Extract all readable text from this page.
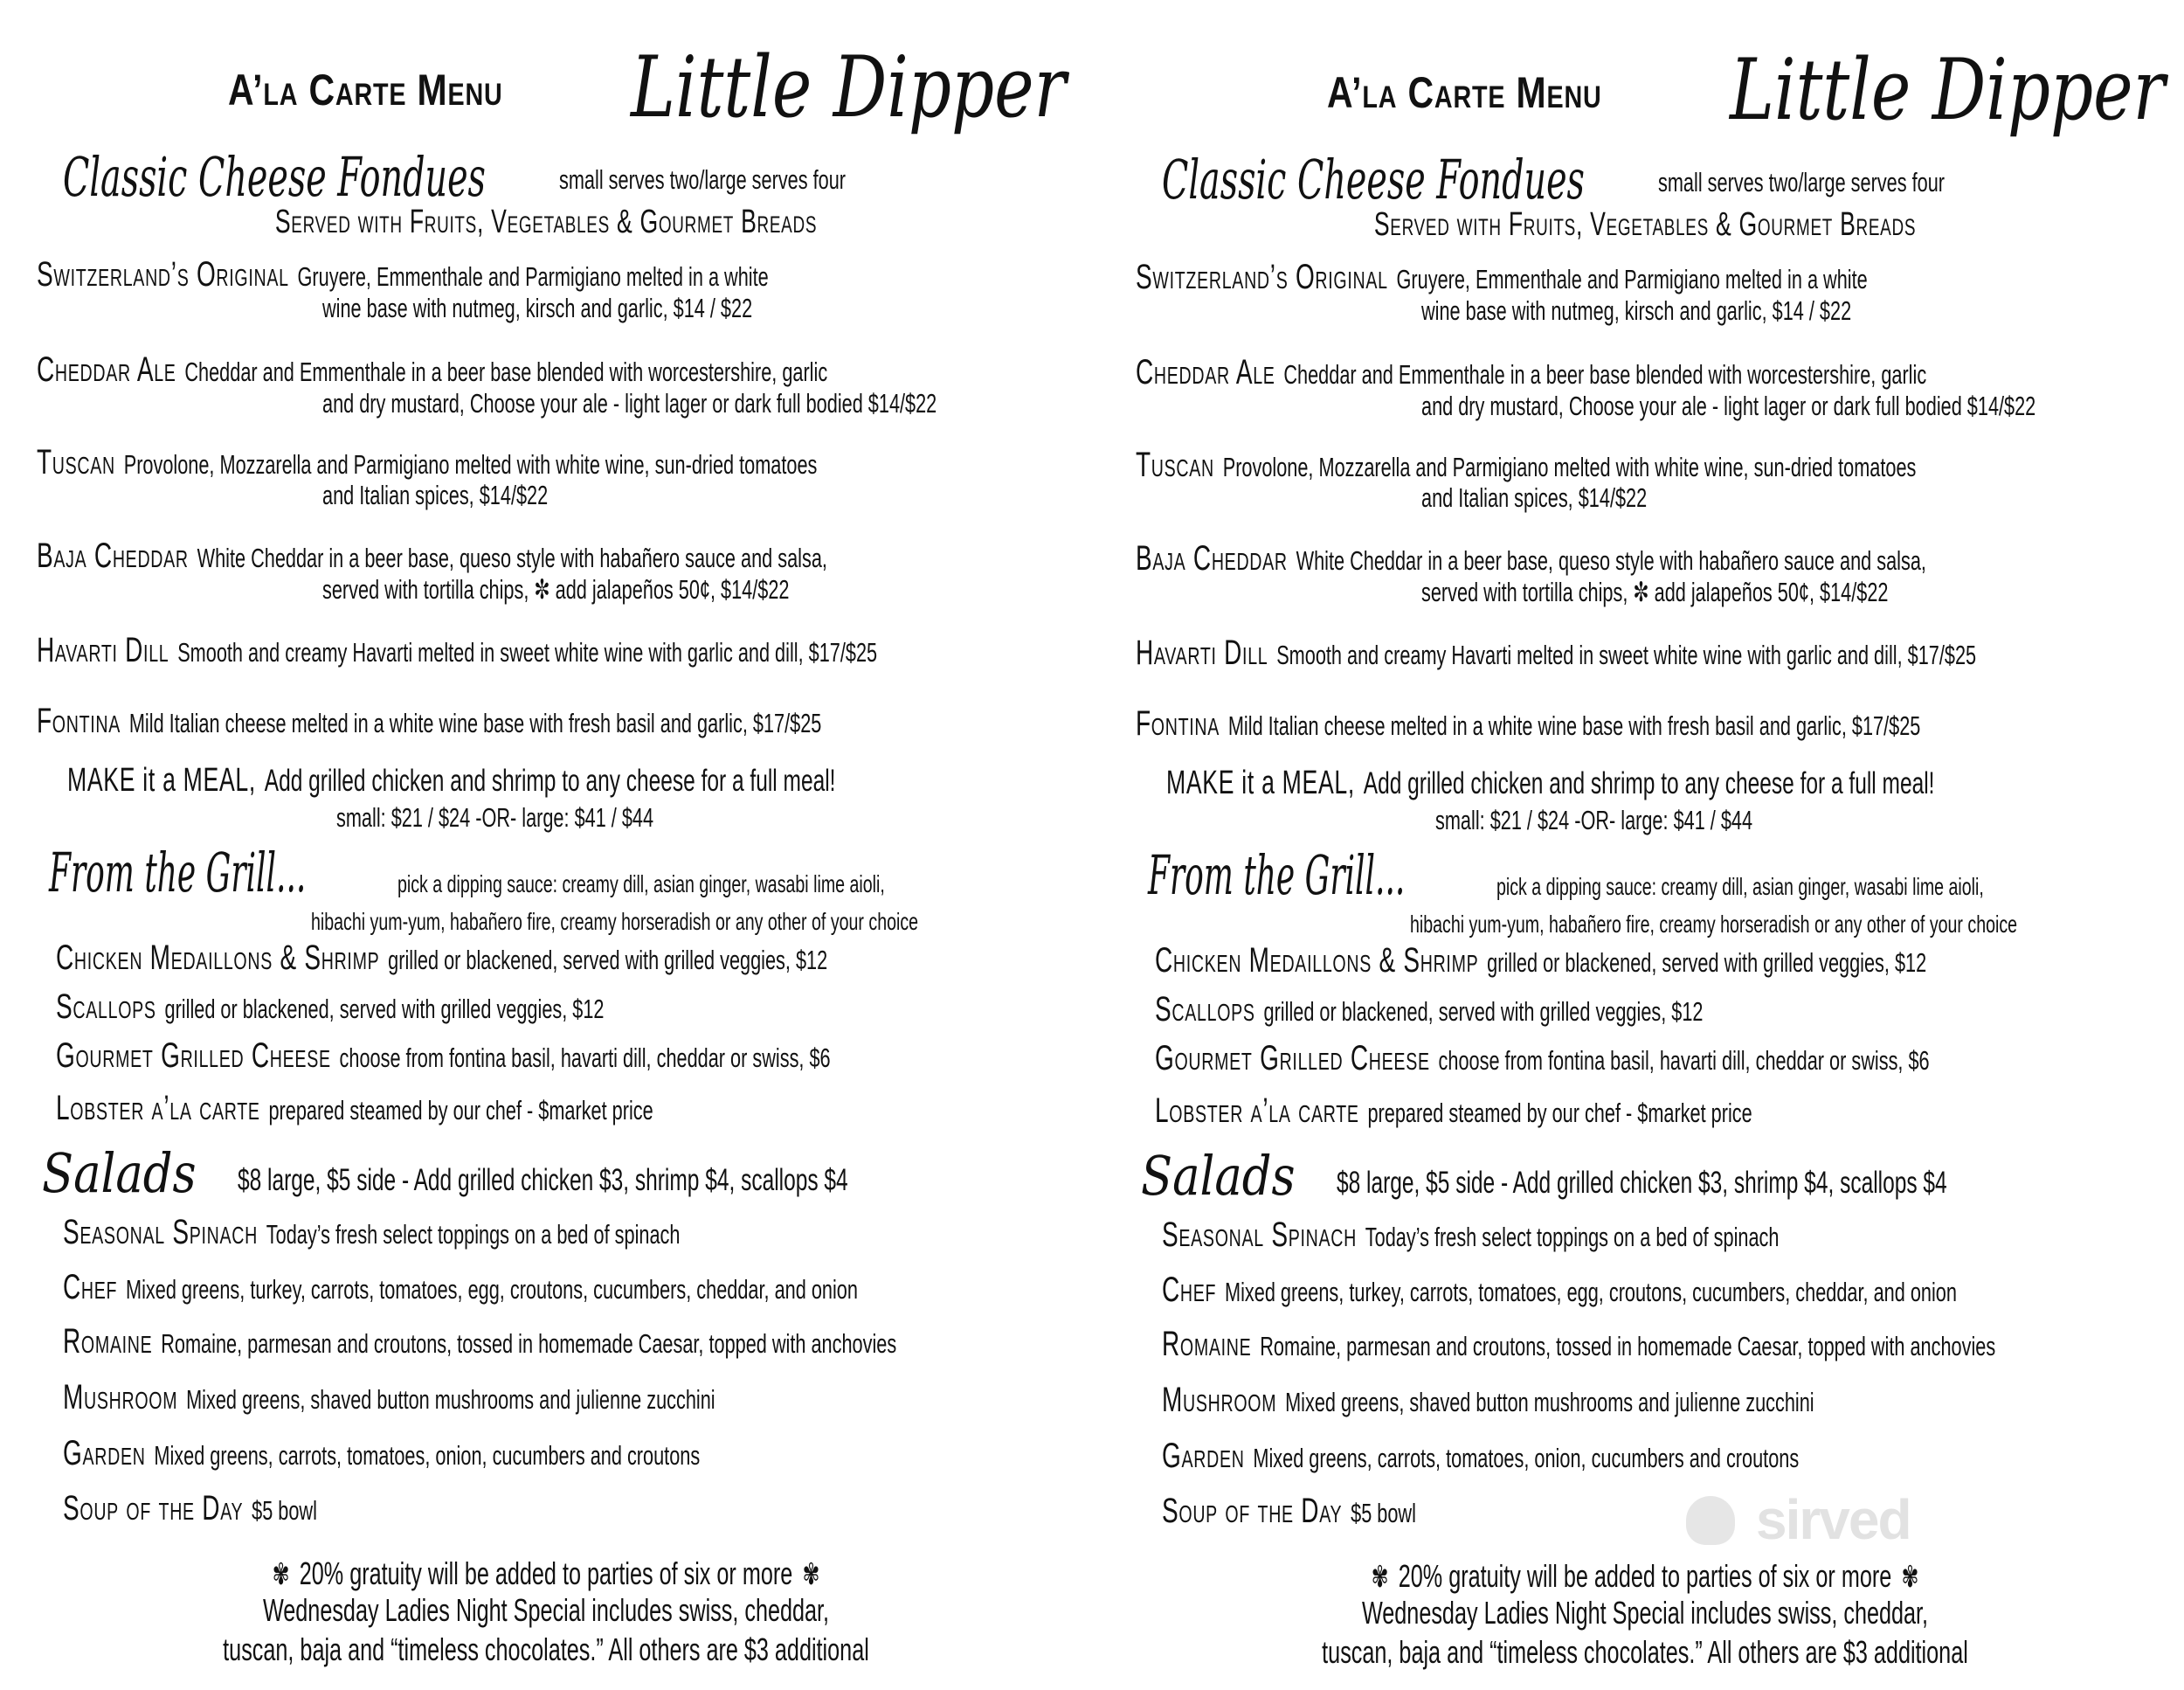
A’la Carte Menu Little Dipper
Classic Cheese Fondues	small serves two/large serves four
Served with Fruits, Vegetables & Gourmet Breads
Switzerland’s Original Gruyere, Emmenthale and Parmigiano melted in a white
wine base with nutmeg, kirsch and garlic, $14 / $22
Cheddar Ale Cheddar and Emmenthale in a beer base blended with worcestershire, garlic
and dry mustard, Choose your ale - light lager or dark full bodied $14/$22
Tuscan Provolone, Mozzarella and Parmigiano melted with white wine, sun-dried tomatoes
and Italian spices, $14/$22
Baja Cheddar White Cheddar in a beer base, queso style with habañero sauce and salsa,
served with tortilla chips, ✼ add jalapeños 50¢, $14/$22
Havarti Dill Smooth and creamy Havarti melted in sweet white wine with garlic and dill, $17/$25
Fontina Mild Italian cheese melted in a white wine base with fresh basil and garlic, $17/$25
MAKE it a MEAL, Add grilled chicken and shrimp to any cheese for a full meal!
small: $21 / $24 -OR- large: $41 / $44
From the Grill...	pick a dipping sauce: creamy dill, asian ginger, wasabi lime aioli,
hibachi yum-yum, habañero fire, creamy horseradish or any other of your choice
Chicken Medaillons & Shrimp grilled or blackened, served with grilled veggies, $12
Scallops grilled or blackened, served with grilled veggies, $12
Gourmet Grilled Cheese choose from fontina basil, havarti dill, cheddar or swiss, $6
Lobster a’la carte prepared steamed by our chef - $market price
Salads $8 large, $5 side - Add grilled chicken $3, shrimp $4, scallops $4
Seasonal Spinach Today’s fresh select toppings on a bed of spinach
Chef Mixed greens, turkey, carrots, tomatoes, egg, croutons, cucumbers, cheddar, and onion
Romaine Romaine, parmesan and croutons, tossed in homemade Caesar, topped with anchovies
Mushroom Mixed greens, shaved button mushrooms and julienne zucchini
Garden Mixed greens, carrots, tomatoes, onion, cucumbers and croutons
Soup of the Day $5 bowl
✾ 20% gratuity will be added to parties of six or more ✾
Wednesday Ladies Night Special includes swiss, cheddar,
tuscan, baja and “timeless chocolates.” All others are $3 additional
A’la Carte Menu Little Dipper
Classic Cheese Fondues	small serves two/large serves four
Served with Fruits, Vegetables & Gourmet Breads
Switzerland’s Original Gruyere, Emmenthale and Parmigiano melted in a white
wine base with nutmeg, kirsch and garlic, $14 / $22
Cheddar Ale Cheddar and Emmenthale in a beer base blended with worcestershire, garlic
and dry mustard, Choose your ale - light lager or dark full bodied $14/$22
Tuscan Provolone, Mozzarella and Parmigiano melted with white wine, sun-dried tomatoes
and Italian spices, $14/$22
Baja Cheddar White Cheddar in a beer base, queso style with habañero sauce and salsa,
served with tortilla chips, ✼ add jalapeños 50¢, $14/$22
Havarti Dill Smooth and creamy Havarti melted in sweet white wine with garlic and dill, $17/$25
Fontina Mild Italian cheese melted in a white wine base with fresh basil and garlic, $17/$25
MAKE it a MEAL, Add grilled chicken and shrimp to any cheese for a full meal!
small: $21 / $24 -OR- large: $41 / $44
From the Grill...	pick a dipping sauce: creamy dill, asian ginger, wasabi lime aioli,
hibachi yum-yum, habañero fire, creamy horseradish or any other of your choice
Chicken Medaillons & Shrimp grilled or blackened, served with grilled veggies, $12
Scallops grilled or blackened, served with grilled veggies, $12
Gourmet Grilled Cheese choose from fontina basil, havarti dill, cheddar or swiss, $6
Lobster a’la carte prepared steamed by our chef - $market price
Salads $8 large, $5 side - Add grilled chicken $3, shrimp $4, scallops $4
Seasonal Spinach Today’s fresh select toppings on a bed of spinach
Chef Mixed greens, turkey, carrots, tomatoes, egg, croutons, cucumbers, cheddar, and onion
Romaine Romaine, parmesan and croutons, tossed in homemade Caesar, topped with anchovies
Mushroom Mixed greens, shaved button mushrooms and julienne zucchini
Garden Mixed greens, carrots, tomatoes, onion, cucumbers and croutons
Soup of the Day $5 bowl
✾ 20% gratuity will be added to parties of six or more ✾
Wednesday Ladies Night Special includes swiss, cheddar,
tuscan, baja and “timeless chocolates.” All others are $3 additional
sirved
